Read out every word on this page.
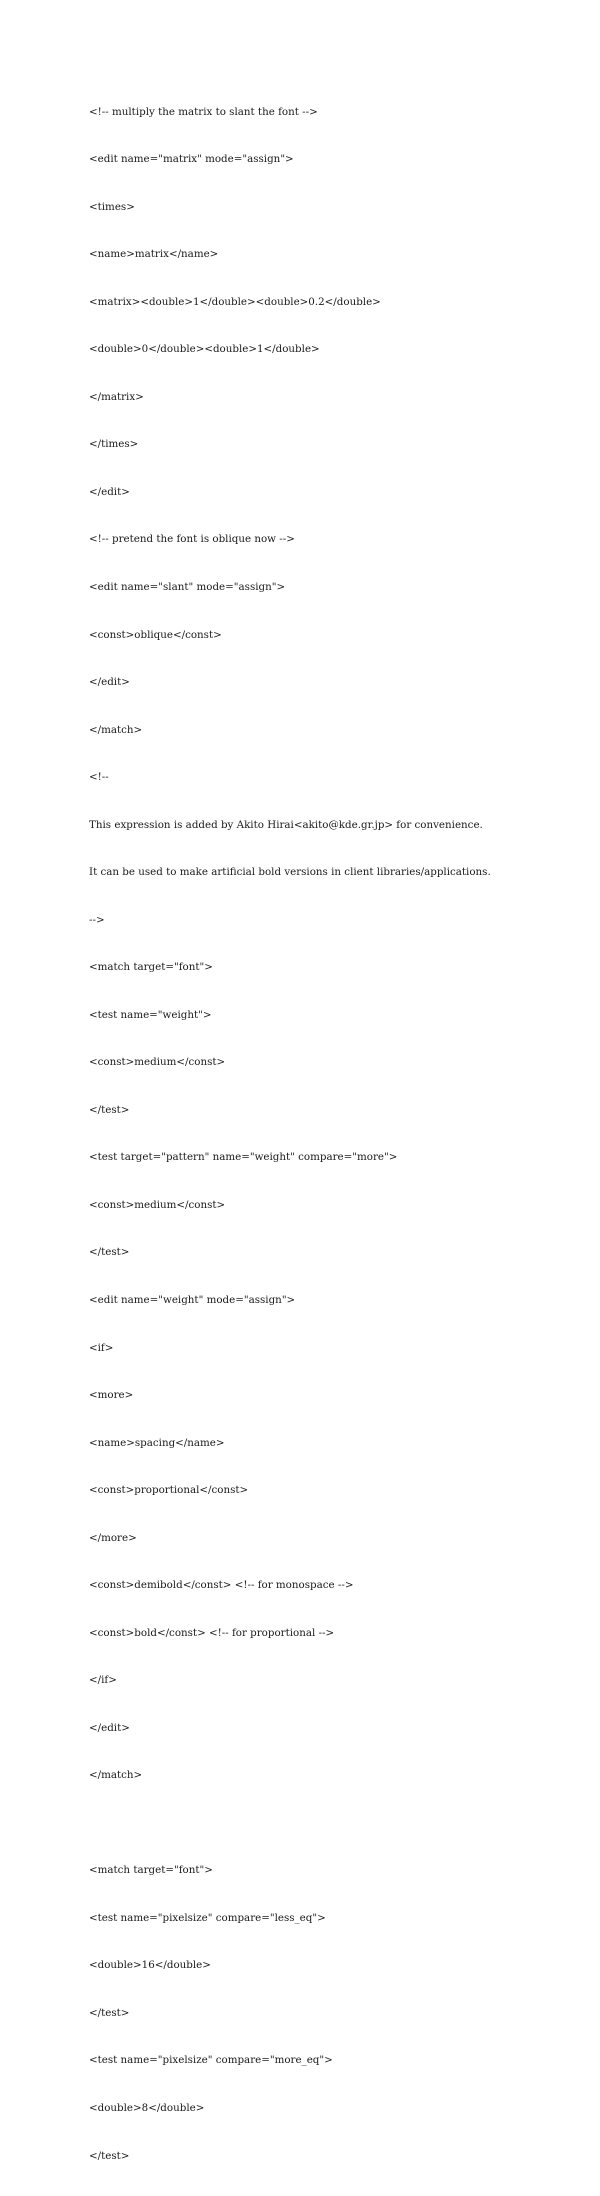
<!-- multiply the matrix to slant the font -->

<edit name="matrix" mode="assign">

<times>

<name>matrix</name>

<matrix><double>1</double><double>0.2</double>

<double>0</double><double>1</double>

</matrix>

</times>

</edit>

<!-- pretend the font is oblique now -->

<edit name="slant" mode="assign">

<const>oblique</const>

</edit>

</match>

<!--

This expression is added by Akito Hirai<akito@kde.gr.jp> for convenience.

It can be used to make artificial bold versions in client libraries/applications.

-->

<match target="font">

<test name="weight">

<const>medium</const>

</test>

<test target="pattern" name="weight" compare="more">

<const>medium</const>

</test>

<edit name="weight" mode="assign">

<if>

<more>

<name>spacing</name>

<const>proportional</const>

</more>

<const>demibold</const> <!-- for monospace -->

<const>bold</const> <!-- for proportional -->

</if>

</edit>

</match>

<match target="font">

<test name="pixelsize" compare="less_eq">

<double>16</double>

</test>

<test name="pixelsize" compare="more_eq">

<double>8</double>

</test>
